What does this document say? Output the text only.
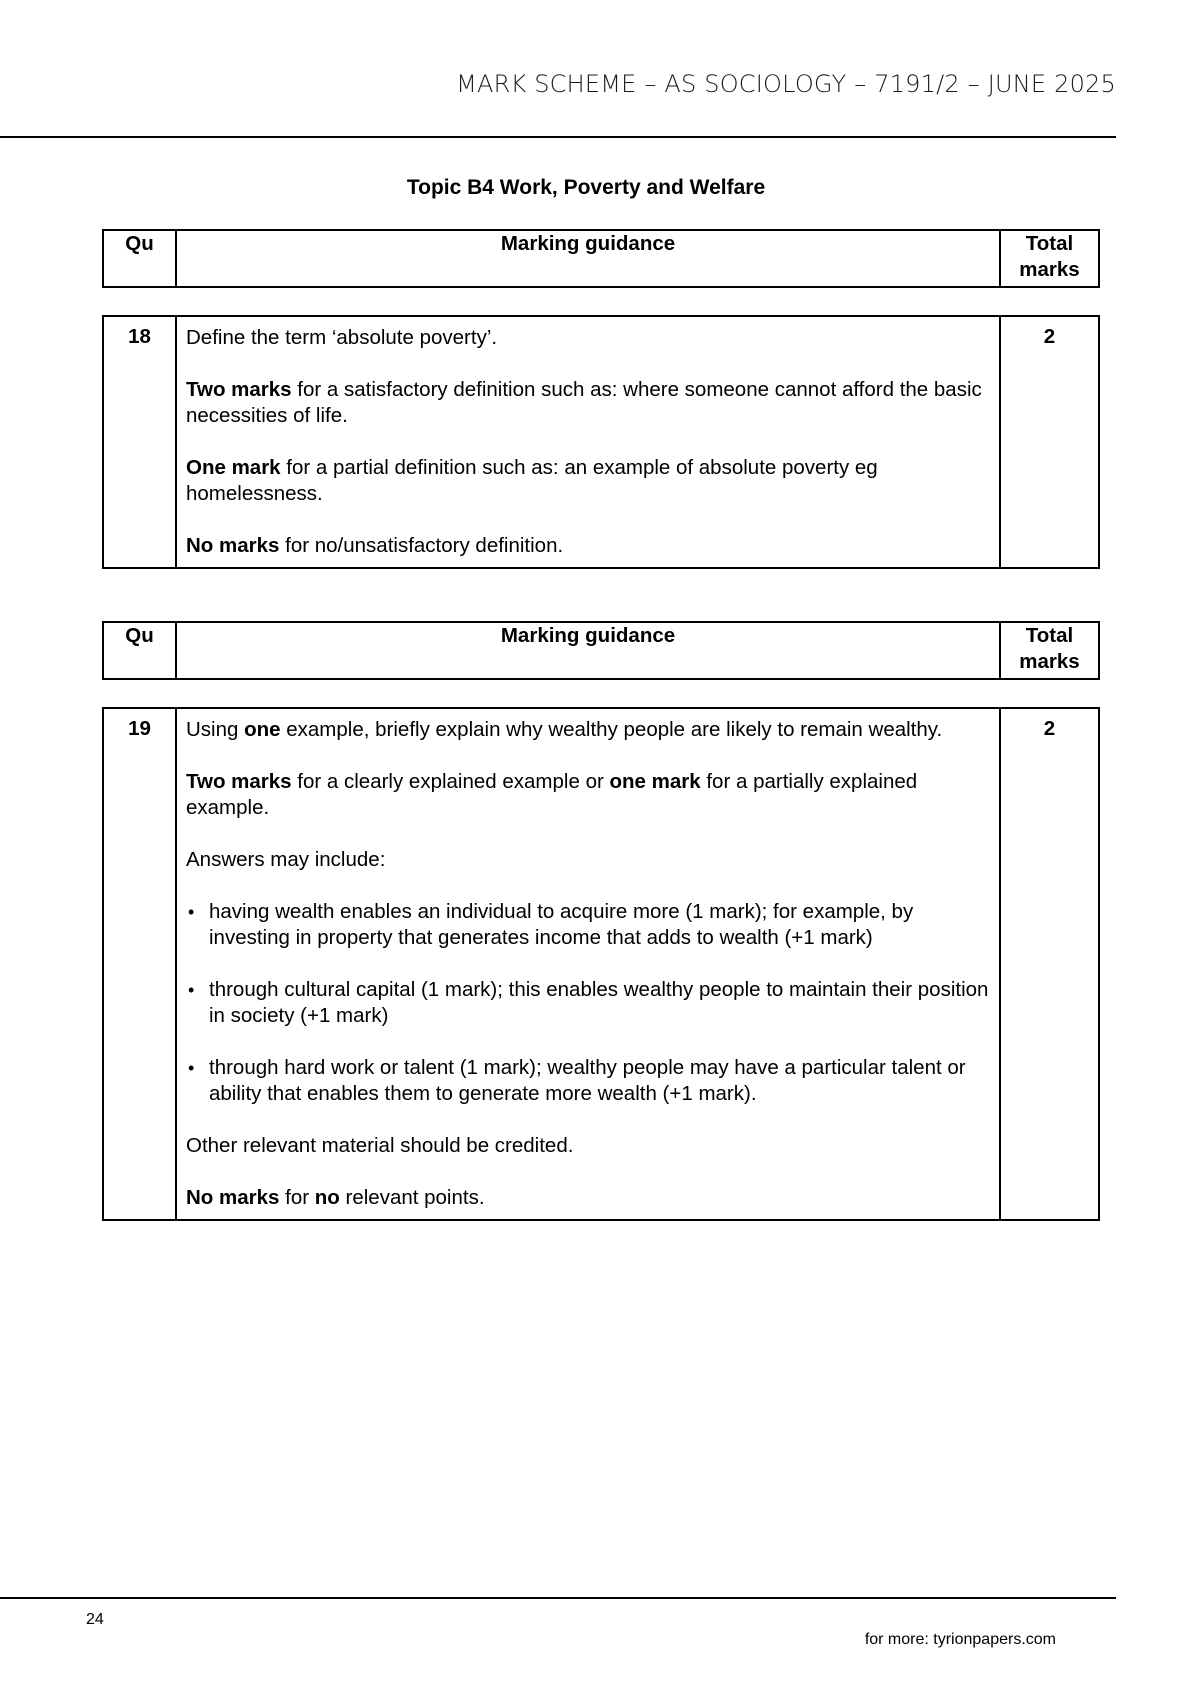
MARK SCHEME – AS SOCIOLOGY – 7191/2 – JUNE 2025
Topic B4 Work, Poverty and Welfare
Qu	Marking guidance	Total
marks
18	Define the term ‘absolute poverty’.

Two marks for a satisfactory definition such as: where someone cannot afford the basic necessities of life.

One mark for a partial definition such as: an example of absolute poverty eg homelessness.

No marks for no/unsatisfactory definition.

	2
Qu	Marking guidance	Total
marks
19	Using one example, briefly explain why wealthy people are likely to remain wealthy.

Two marks for a clearly explained example or one mark for a partially explained example.

Answers may include:

• having wealth enables an individual to acquire more (1 mark); for example, by investing in property that generates income that adds to wealth (+1 mark)
• through cultural capital (1 mark); this enables wealthy people to maintain their position in society (+1 mark)
• through hard work or talent (1 mark); wealthy people may have a particular talent or ability that enables them to generate more wealth (+1 mark).

Other relevant material should be credited.

No marks for no relevant points.

	2
24
for more: tyrionpapers.com
